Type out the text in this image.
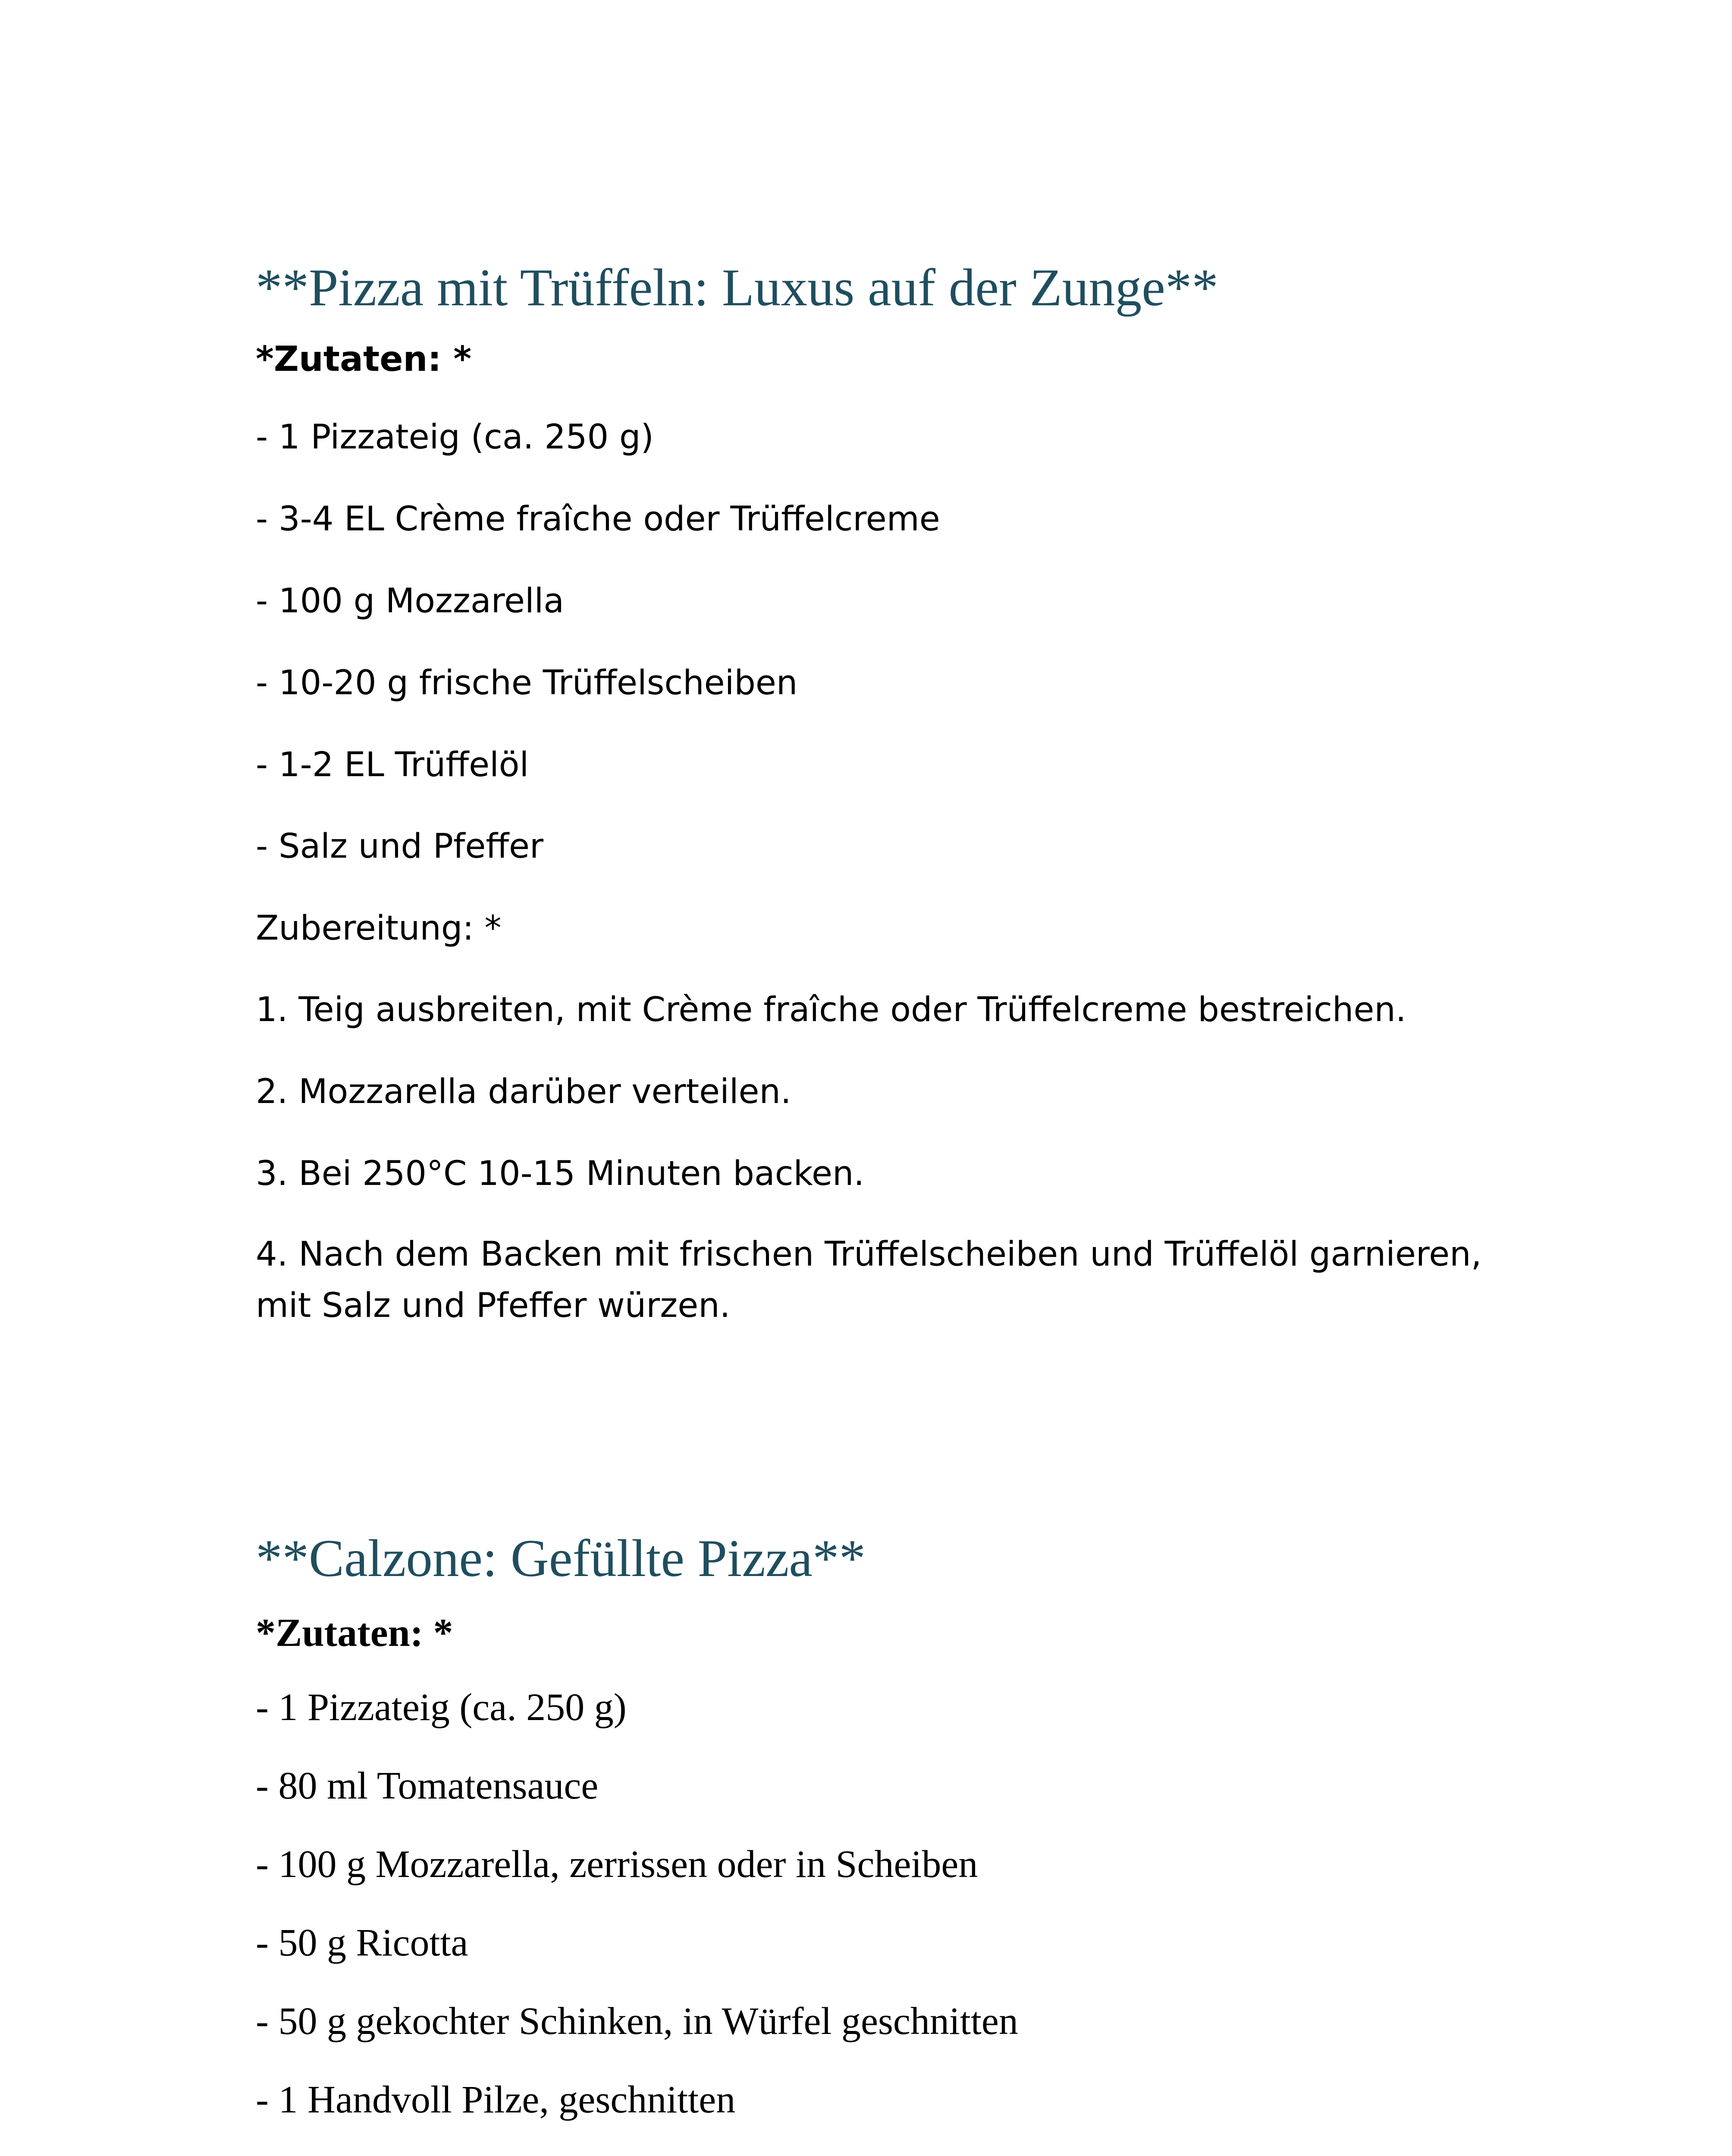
**Pizza mit Trüffeln: Luxus auf der Zunge**

*Zutaten: *

- 1 Pizzateig (ca. 250 g)

- 3-4 EL Crème fraîche oder Trüffelcreme

- 100 g Mozzarella

- 10-20 g frische Trüffelscheiben

- 1-2 EL Trüffelöl

- Salz und Pfeffer

Zubereitung: *

1. Teig ausbreiten, mit Crème fraîche oder Trüffelcreme bestreichen.

2. Mozzarella darüber verteilen.

3. Bei 250°C 10-15 Minuten backen.

4. Nach dem Backen mit frischen Trüffelscheiben und Trüffelöl garnieren, mit Salz und Pfeffer würzen.

**Calzone: Gefüllte Pizza**

*Zutaten: *

- 1 Pizzateig (ca. 250 g)

- 80 ml Tomatensauce

- 100 g Mozzarella, zerrissen oder in Scheiben

- 50 g Ricotta

- 50 g gekochter Schinken, in Würfel geschnitten

- 1 Handvoll Pilze, geschnitten
